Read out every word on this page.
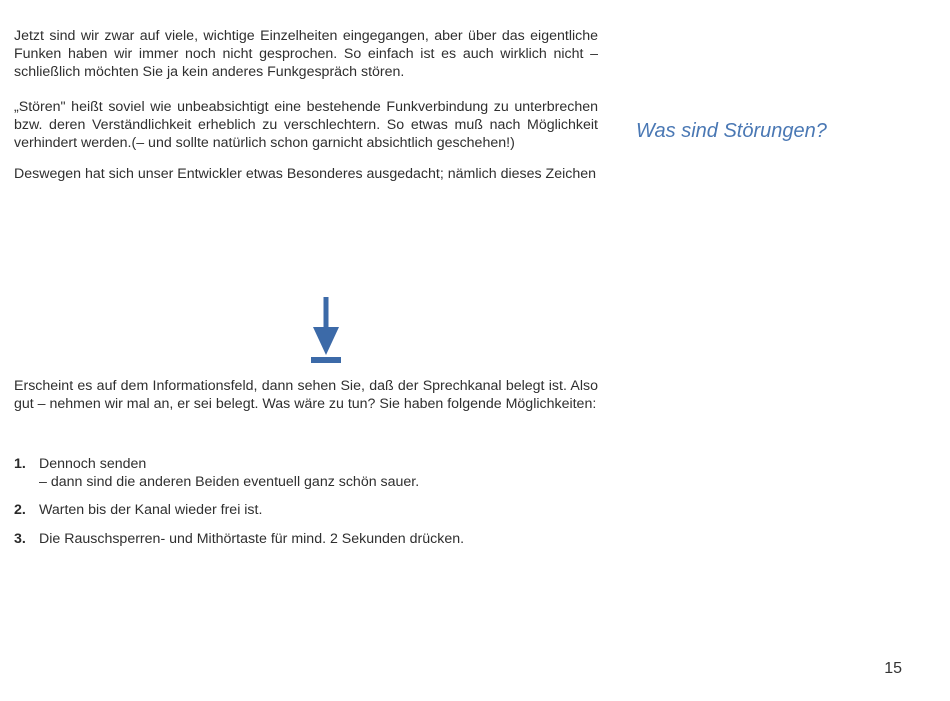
Jetzt sind wir zwar auf viele, wichtige Einzelheiten eingegangen, aber über das eigentliche Funken haben wir immer noch nicht gesprochen. So einfach ist es auch wirklich nicht – schließlich möchten Sie ja kein anderes Funkgespräch stören.

„Stören" heißt soviel wie unbeabsichtigt eine bestehende Funkverbindung zu unterbrechen bzw. deren Verständlichkeit erheblich zu verschlechtern. So etwas muß nach Möglichkeit verhindert werden.(– und sollte natürlich schon garnicht absichtlich geschehen!)

Deswegen hat sich unser Entwickler etwas Besonderes ausgedacht; nämlich dieses Zeichen

Erscheint es auf dem Informationsfeld, dann sehen Sie, daß der Sprechkanal belegt ist. Also gut – nehmen wir mal an, er sei belegt. Was wäre zu tun? Sie haben folgende Möglichkeiten:

1. Dennoch senden
– dann sind die anderen Beiden eventuell ganz schön sauer.
2. Warten bis der Kanal wieder frei ist.
3. Die Rauschsperren- und Mithörtaste für mind. 2 Sekunden drücken.
Was sind Störungen?
15
